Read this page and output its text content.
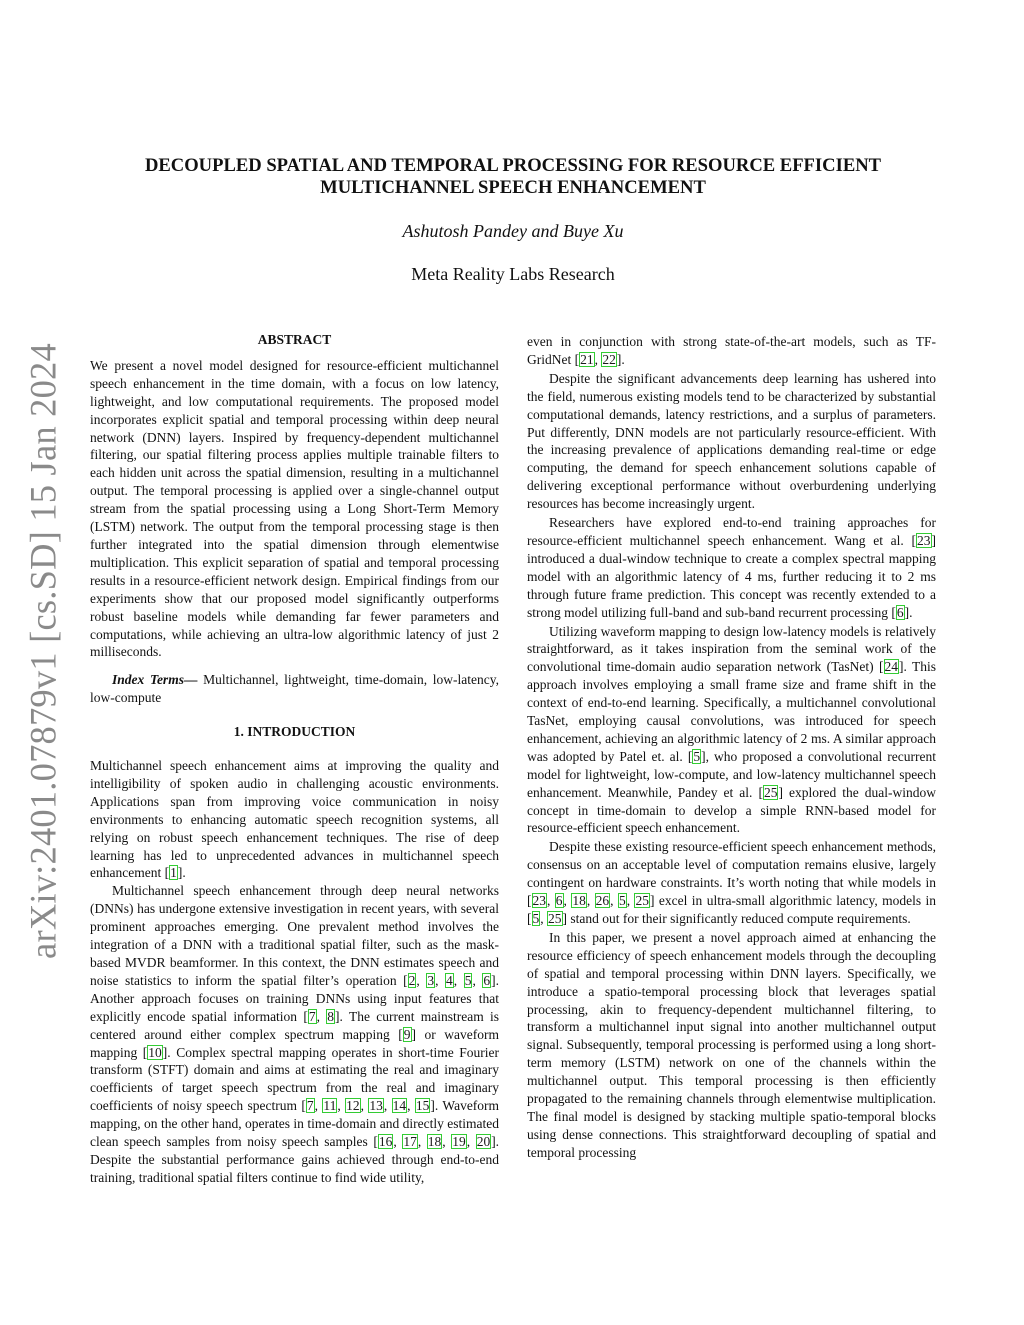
arXiv:2401.07879v1 [cs.SD] 15 Jan 2024
DECOUPLED SPATIAL AND TEMPORAL PROCESSING FOR RESOURCE EFFICIENT
MULTICHANNEL SPEECH ENHANCEMENT

Ashutosh Pandey and Buye Xu

Meta Reality Labs Research

ABSTRACT

We present a novel model designed for resource-efficient multichannel speech enhancement in the time domain, with a focus on low latency, lightweight, and low computational requirements. The proposed model incorporates explicit spatial and temporal processing within deep neural network (DNN) layers. Inspired by frequency-dependent multichannel filtering, our spatial filtering process applies multiple trainable filters to each hidden unit across the spatial dimension, resulting in a multichannel output. The temporal processing is applied over a single-channel output stream from the spatial processing using a Long Short-Term Memory (LSTM) network. The output from the temporal processing stage is then further integrated into the spatial dimension through elementwise multiplication. This explicit separation of spatial and temporal processing results in a resource-efficient network design. Empirical findings from our experiments show that our proposed model significantly outperforms robust baseline models while demanding far fewer parameters and computations, while achieving an ultra-low algorithmic latency of just 2 milliseconds.

Index Terms— Multichannel, lightweight, time-domain, low-latency, low-compute

1. INTRODUCTION

Multichannel speech enhancement aims at improving the quality and intelligibility of spoken audio in challenging acoustic environments. Applications span from improving voice communication in noisy environments to enhancing automatic speech recognition systems, all relying on robust speech enhancement techniques. The rise of deep learning has led to unprecedented advances in multichannel speech enhancement [1].

Multichannel speech enhancement through deep neural networks (DNNs) has undergone extensive investigation in recent years, with several prominent approaches emerging. One prevalent method involves the integration of a DNN with a traditional spatial filter, such as the mask-based MVDR beamformer. In this context, the DNN estimates speech and noise statistics to inform the spatial filter’s operation [2, 3, 4, 5, 6]. Another approach focuses on training DNNs using input features that explicitly encode spatial information [7, 8]. The current mainstream is centered around either complex spectrum mapping [9] or waveform mapping [10]. Complex spectral mapping operates in short-time Fourier transform (STFT) domain and aims at estimating the real and imaginary coefficients of target speech spectrum from the real and imaginary coefficients of noisy speech spectrum [7, 11, 12, 13, 14, 15]. Waveform mapping, on the other hand, operates in time-domain and directly estimated clean speech samples from noisy speech samples [16, 17, 18, 19, 20]. Despite the substantial performance gains achieved through end-to-end training, traditional spatial filters continue to find wide utility,

even in conjunction with strong state-of-the-art models, such as TF-GridNet [21, 22].

Despite the significant advancements deep learning has ushered into the field, numerous existing models tend to be characterized by substantial computational demands, latency restrictions, and a surplus of parameters. Put differently, DNN models are not particularly resource-efficient. With the increasing prevalence of applications demanding real-time or edge computing, the demand for speech enhancement solutions capable of delivering exceptional performance without overburdening underlying resources has become increasingly urgent.

Researchers have explored end-to-end training approaches for resource-efficient multichannel speech enhancement. Wang et al. [23] introduced a dual-window technique to create a complex spectral mapping model with an algorithmic latency of 4 ms, further reducing it to 2 ms through future frame prediction. This concept was recently extended to a strong model utilizing full-band and sub-band recurrent processing [6].

Utilizing waveform mapping to design low-latency models is relatively straightforward, as it takes inspiration from the seminal work of the convolutional time-domain audio separation network (TasNet) [24]. This approach involves employing a small frame size and frame shift in the context of end-to-end learning. Specifically, a multichannel convolutional TasNet, employing causal convolutions, was introduced for speech enhancement, achieving an algorithmic latency of 2 ms. A similar approach was adopted by Patel et. al. [5], who proposed a convolutional recurrent model for lightweight, low-compute, and low-latency multichannel speech enhancement. Meanwhile, Pandey et al. [25] explored the dual-window concept in time-domain to develop a simple RNN-based model for resource-efficient speech enhancement.

Despite these existing resource-efficient speech enhancement methods, consensus on an acceptable level of computation remains elusive, largely contingent on hardware constraints. It’s worth noting that while models in [23, 6, 18, 26, 5, 25] excel in ultra-small algorithmic latency, models in [5, 25] stand out for their significantly reduced compute requirements.

In this paper, we present a novel approach aimed at enhancing the resource efficiency of speech enhancement models through the decoupling of spatial and temporal processing within DNN layers. Specifically, we introduce a spatio-temporal processing block that leverages spatial processing, akin to frequency-dependent multichannel filtering, to transform a multichannel input signal into another multichannel output signal. Subsequently, temporal processing is performed using a long short-term memory (LSTM) network on one of the channels within the multichannel output. This temporal processing is then efficiently propagated to the remaining channels through elementwise multiplication. The final model is designed by stacking multiple spatio-temporal blocks using dense connections. This straightforward decoupling of spatial and temporal processing
